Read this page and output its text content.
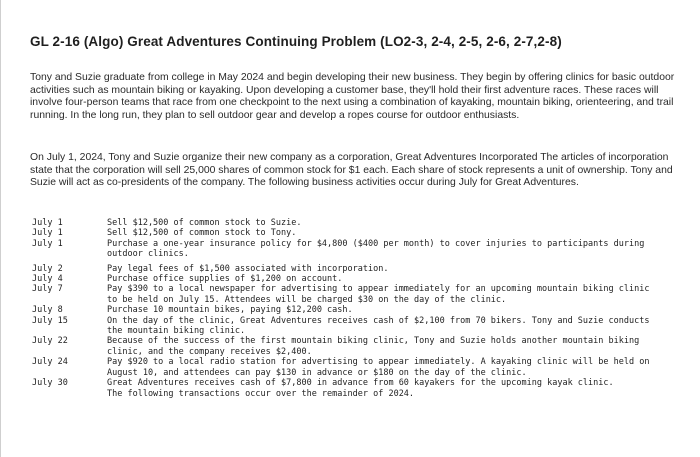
GL 2-16 (Algo) Great Adventures Continuing Problem (LO2-3, 2-4, 2-5, 2-6, 2-7,2-8)
Tony and Suzie graduate from college in May 2024 and begin developing their new business. They begin by offering clinics for basic outdoor activities such as mountain biking or kayaking. Upon developing a customer base, they'll hold their first adventure races. These races will involve four-person teams that race from one checkpoint to the next using a combination of kayaking, mountain biking, orienteering, and trail running. In the long run, they plan to sell outdoor gear and develop a ropes course for outdoor enthusiasts.
On July 1, 2024, Tony and Suzie organize their new company as a corporation, Great Adventures Incorporated The articles of incorporation state that the corporation will sell 25,000 shares of common stock for $1 each. Each share of stock represents a unit of ownership. Tony and Suzie will act as co-presidents of the company. The following business activities occur during July for Great Adventures.
July 1	Sell $12,500 of common stock to Suzie.
July 1	Sell $12,500 of common stock to Tony.
July 1	Purchase a one-year insurance policy for $4,800 ($400 per month) to cover injuries to participants during outdoor clinics.
July 2	Pay legal fees of $1,500 associated with incorporation.
July 4	Purchase office supplies of $1,200 on account.
July 7	Pay $390 to a local newspaper for advertising to appear immediately for an upcoming mountain biking clinic to be held on July 15. Attendees will be charged $30 on the day of the clinic.
July 8	Purchase 10 mountain bikes, paying $12,200 cash.
July 15	On the day of the clinic, Great Adventures receives cash of $2,100 from 70 bikers. Tony and Suzie conducts the mountain biking clinic.
July 22	Because of the success of the first mountain biking clinic, Tony and Suzie holds another mountain biking clinic, and the company receives $2,400.
July 24	Pay $920 to a local radio station for advertising to appear immediately. A kayaking clinic will be held on August 10, and attendees can pay $130 in advance or $180 on the day of the clinic.
July 30	Great Adventures receives cash of $7,800 in advance from 60 kayakers for the upcoming kayak clinic.
	The following transactions occur over the remainder of 2024.
